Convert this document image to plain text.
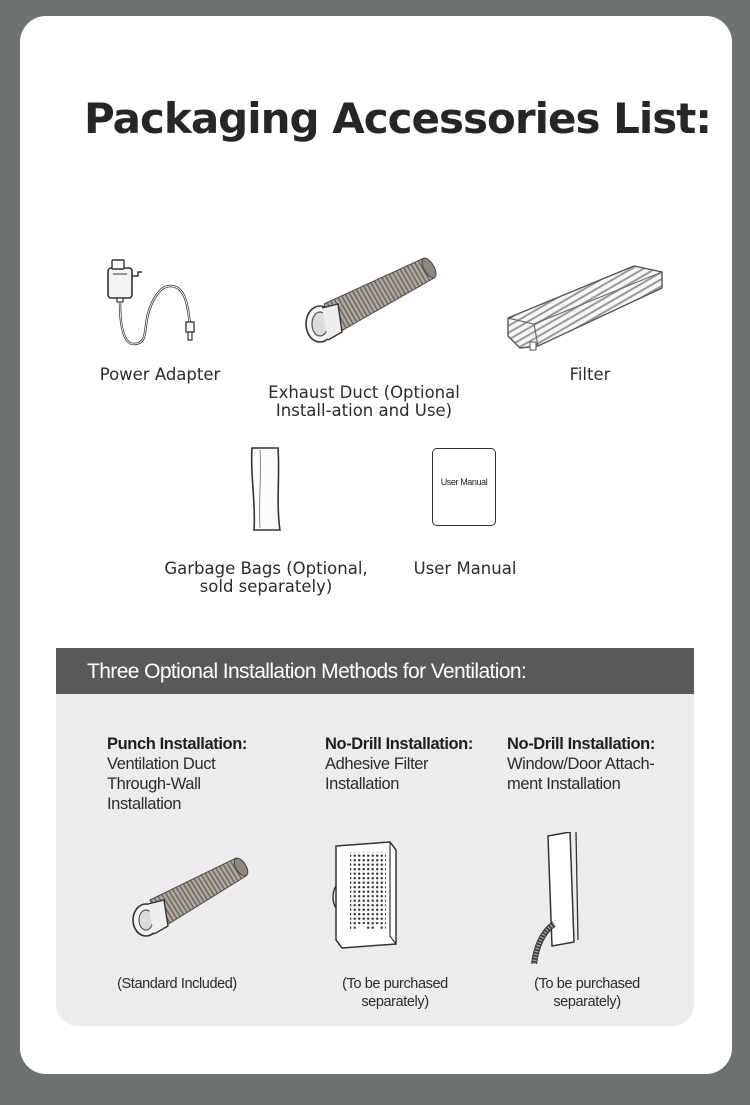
Packaging Accessories List:
Power Adapter
Exhaust Duct (Optional Install-ation and Use)
Filter
Garbage Bags (Optional, sold separately)
User Manual
User Manual
Three Optional Installation Methods for Ventilation:
Punch Installation:
Ventilation Duct Through-Wall Installation
(Standard Included)
No-Drill Installation:
Adhesive Filter Installation
(To be purchased separately)
No-Drill Installation:
Window/Door Attach-ment Installation
(To be purchased separately)
